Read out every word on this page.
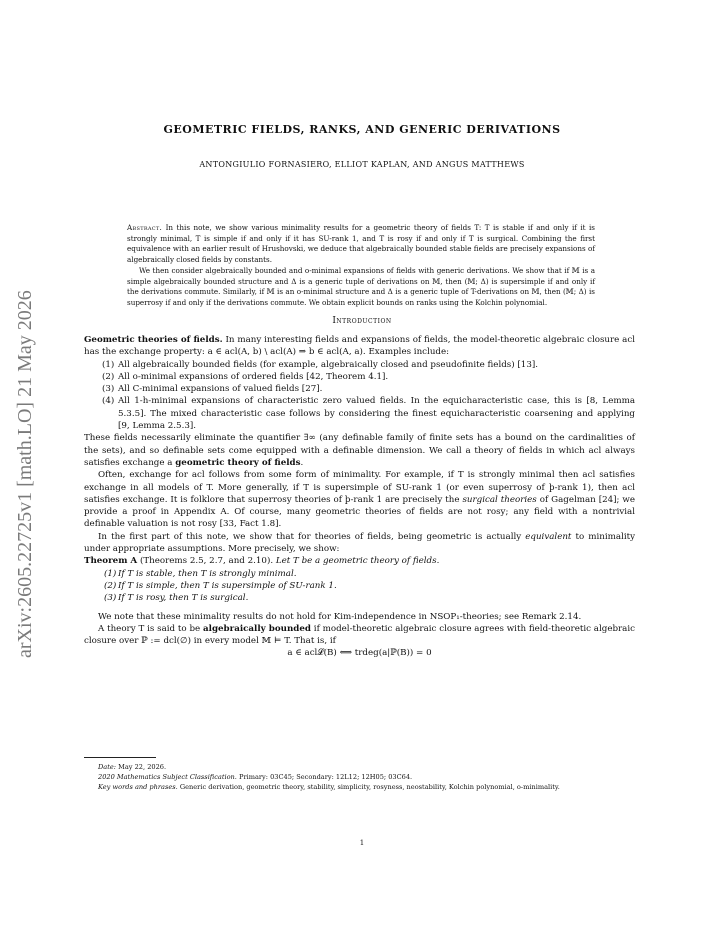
arXiv:2605.22725v1 [math.LO] 21 May 2026
GEOMETRIC FIELDS, RANKS, AND GENERIC DERIVATIONS
ANTONGIULIO FORNASIERO, ELLIOT KAPLAN, AND ANGUS MATTHEWS

Abstract. In this note, we show various minimality results for a geometric theory of fields T: T is stable if and only if it is strongly minimal, T is simple if and only if it has SU-rank 1, and T is rosy if and only if T is surgical. Combining the first equivalence with an earlier result of Hrushovski, we deduce that algebraically bounded stable fields are precisely expansions of algebraically closed fields by constants.

We then consider algebraically bounded and o-minimal expansions of fields with generic derivations. We show that if 𝕄 is a simple algebraically bounded structure and Δ is a generic tuple of derivations on 𝕄, then (𝕄; Δ) is supersimple if and only if the derivations commute. Similarly, if 𝕄 is an o-minimal structure and Δ is a generic tuple of T-derivations on 𝕄, then (𝕄; Δ) is superrosy if and only if the derivations commute. We obtain explicit bounds on ranks using the Kolchin polynomial.

Introduction

Geometric theories of fields. In many interesting fields and expansions of fields, the model-theoretic algebraic closure acl has the exchange property: a ∈ acl(A, b) \ acl(A) ⇒ b ∈ acl(A, a). Examples include:

(1) All algebraically bounded fields (for example, algebraically closed and pseudofinite fields) [13].
(2) All o-minimal expansions of ordered fields [42, Theorem 4.1].
(3) All C-minimal expansions of valued fields [27].
(4) All 1-h-minimal expansions of characteristic zero valued fields. In the equicharacteristic case, this is [8, Lemma 5.3.5]. The mixed characteristic case follows by considering the finest equicharacteristic coarsening and applying [9, Lemma 2.5.3].

These fields necessarily eliminate the quantifier ∃∞ (any definable family of finite sets has a bound on the cardinalities of the sets), and so definable sets come equipped with a definable dimension. We call a theory of fields in which acl always satisfies exchange a geometric theory of fields.

Often, exchange for acl follows from some form of minimality. For example, if T is strongly minimal then acl satisfies exchange in all models of T. More generally, if T is supersimple of SU-rank 1 (or even superrosy of þ-rank 1), then acl satisfies exchange. It is folklore that superrosy theories of þ-rank 1 are precisely the surgical theories of Gagelman [24]; we provide a proof in Appendix A. Of course, many geometric theories of fields are not rosy; any field with a nontrivial definable valuation is not rosy [33, Fact 1.8].

In the first part of this note, we show that for theories of fields, being geometric is actually equivalent to minimality under appropriate assumptions. More precisely, we show:

Theorem A (Theorems 2.5, 2.7, and 2.10). Let T be a geometric theory of fields.

(1) If T is stable, then T is strongly minimal.
(2) If T is simple, then T is supersimple of SU-rank 1.
(3) If T is rosy, then T is surgical.

We note that these minimality results do not hold for Kim-independence in NSOP₁-theories; see Remark 2.14.

A theory T is said to be algebraically bounded if model-theoretic algebraic closure agrees with field-theoretic algebraic closure over ℙ := dcl(∅) in every model 𝕄 ⊨ T. That is, if

a ∈ acl𝓛(B) ⟺ trdeg(a|ℙ(B)) = 0

Date: May 22, 2026.

2020 Mathematics Subject Classification. Primary: 03C45; Secondary: 12L12; 12H05; 03C64.

Key words and phrases. Generic derivation, geometric theory, stability, simplicity, rosyness, neostability, Kolchin polynomial, o-minimality.

1
